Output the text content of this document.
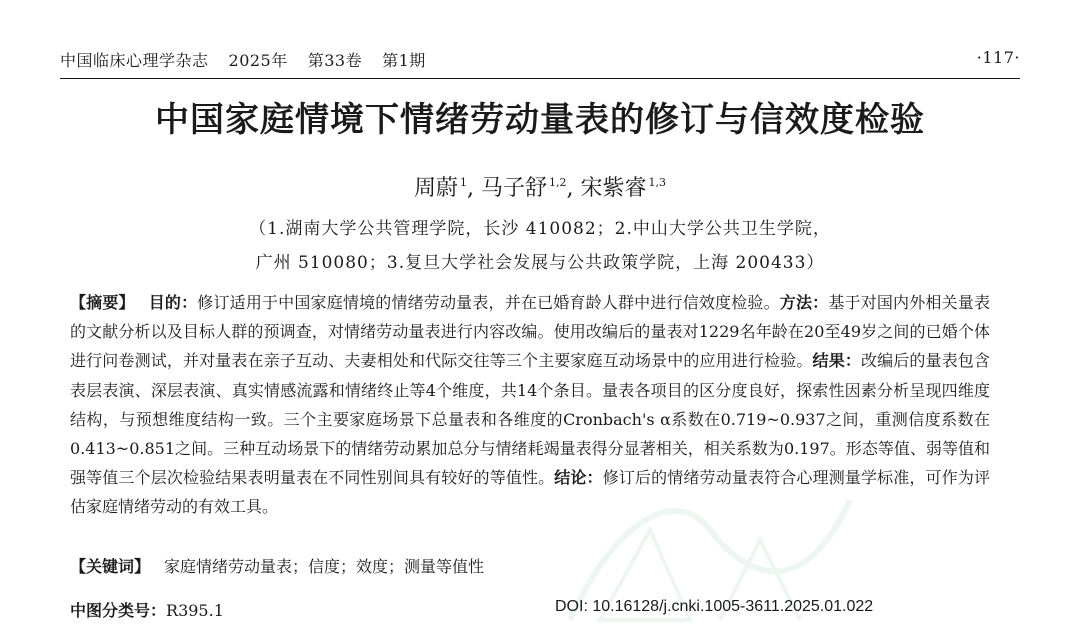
中国临床心理学杂志 2025年 第33卷 第1期	·117·
中国家庭情境下情绪劳动量表的修订与信效度检验
周蔚 $^1$, 马子舒 $^{1,2}$, 宋紫睿 $^{1,3}$
（1.湖南大学公共管理学院，长沙 410082；2.中山大学公共卫生学院，
广州 510080；3.复旦大学社会发展与公共政策学院，上海 200433）

【摘要】 目的：修订适用于中国家庭情境的情绪劳动量表，并在已婚育龄人群中进行信效度检验。方法：基于对国内外相关量表的文献分析以及目标人群的预调查，对情绪劳动量表进行内容改编。使用改编后的量表对1229名年龄在20至49岁之间的已婚个体进行问卷测试，并对量表在亲子互动、夫妻相处和代际交往等三个主要家庭互动场景中的应用进行检验。结果：改编后的量表包含表层表演、深层表演、真实情感流露和情绪终止等4个维度，共14个条目。量表各项目的区分度良好，探索性因素分析呈现四维度结构，与预想维度结构一致。三个主要家庭场景下总量表和各维度的Cronbach's α系数在0.719~0.937之间，重测信度系数在0.413~0.851之间。三种互动场景下的情绪劳动累加总分与情绪耗竭量表得分显著相关，相关系数为0.197。形态等值、弱等值和强等值三个层次检验结果表明量表在不同性别间具有较好的等值性。结论：修订后的情绪劳动量表符合心理测量学标准，可作为评估家庭情绪劳动的有效工具。

【关键词】 家庭情绪劳动量表；信度；效度；测量等值性
中图分类号：R395.1	DOI: 10.16128/j.cnki.1005-3611.2025.01.022
